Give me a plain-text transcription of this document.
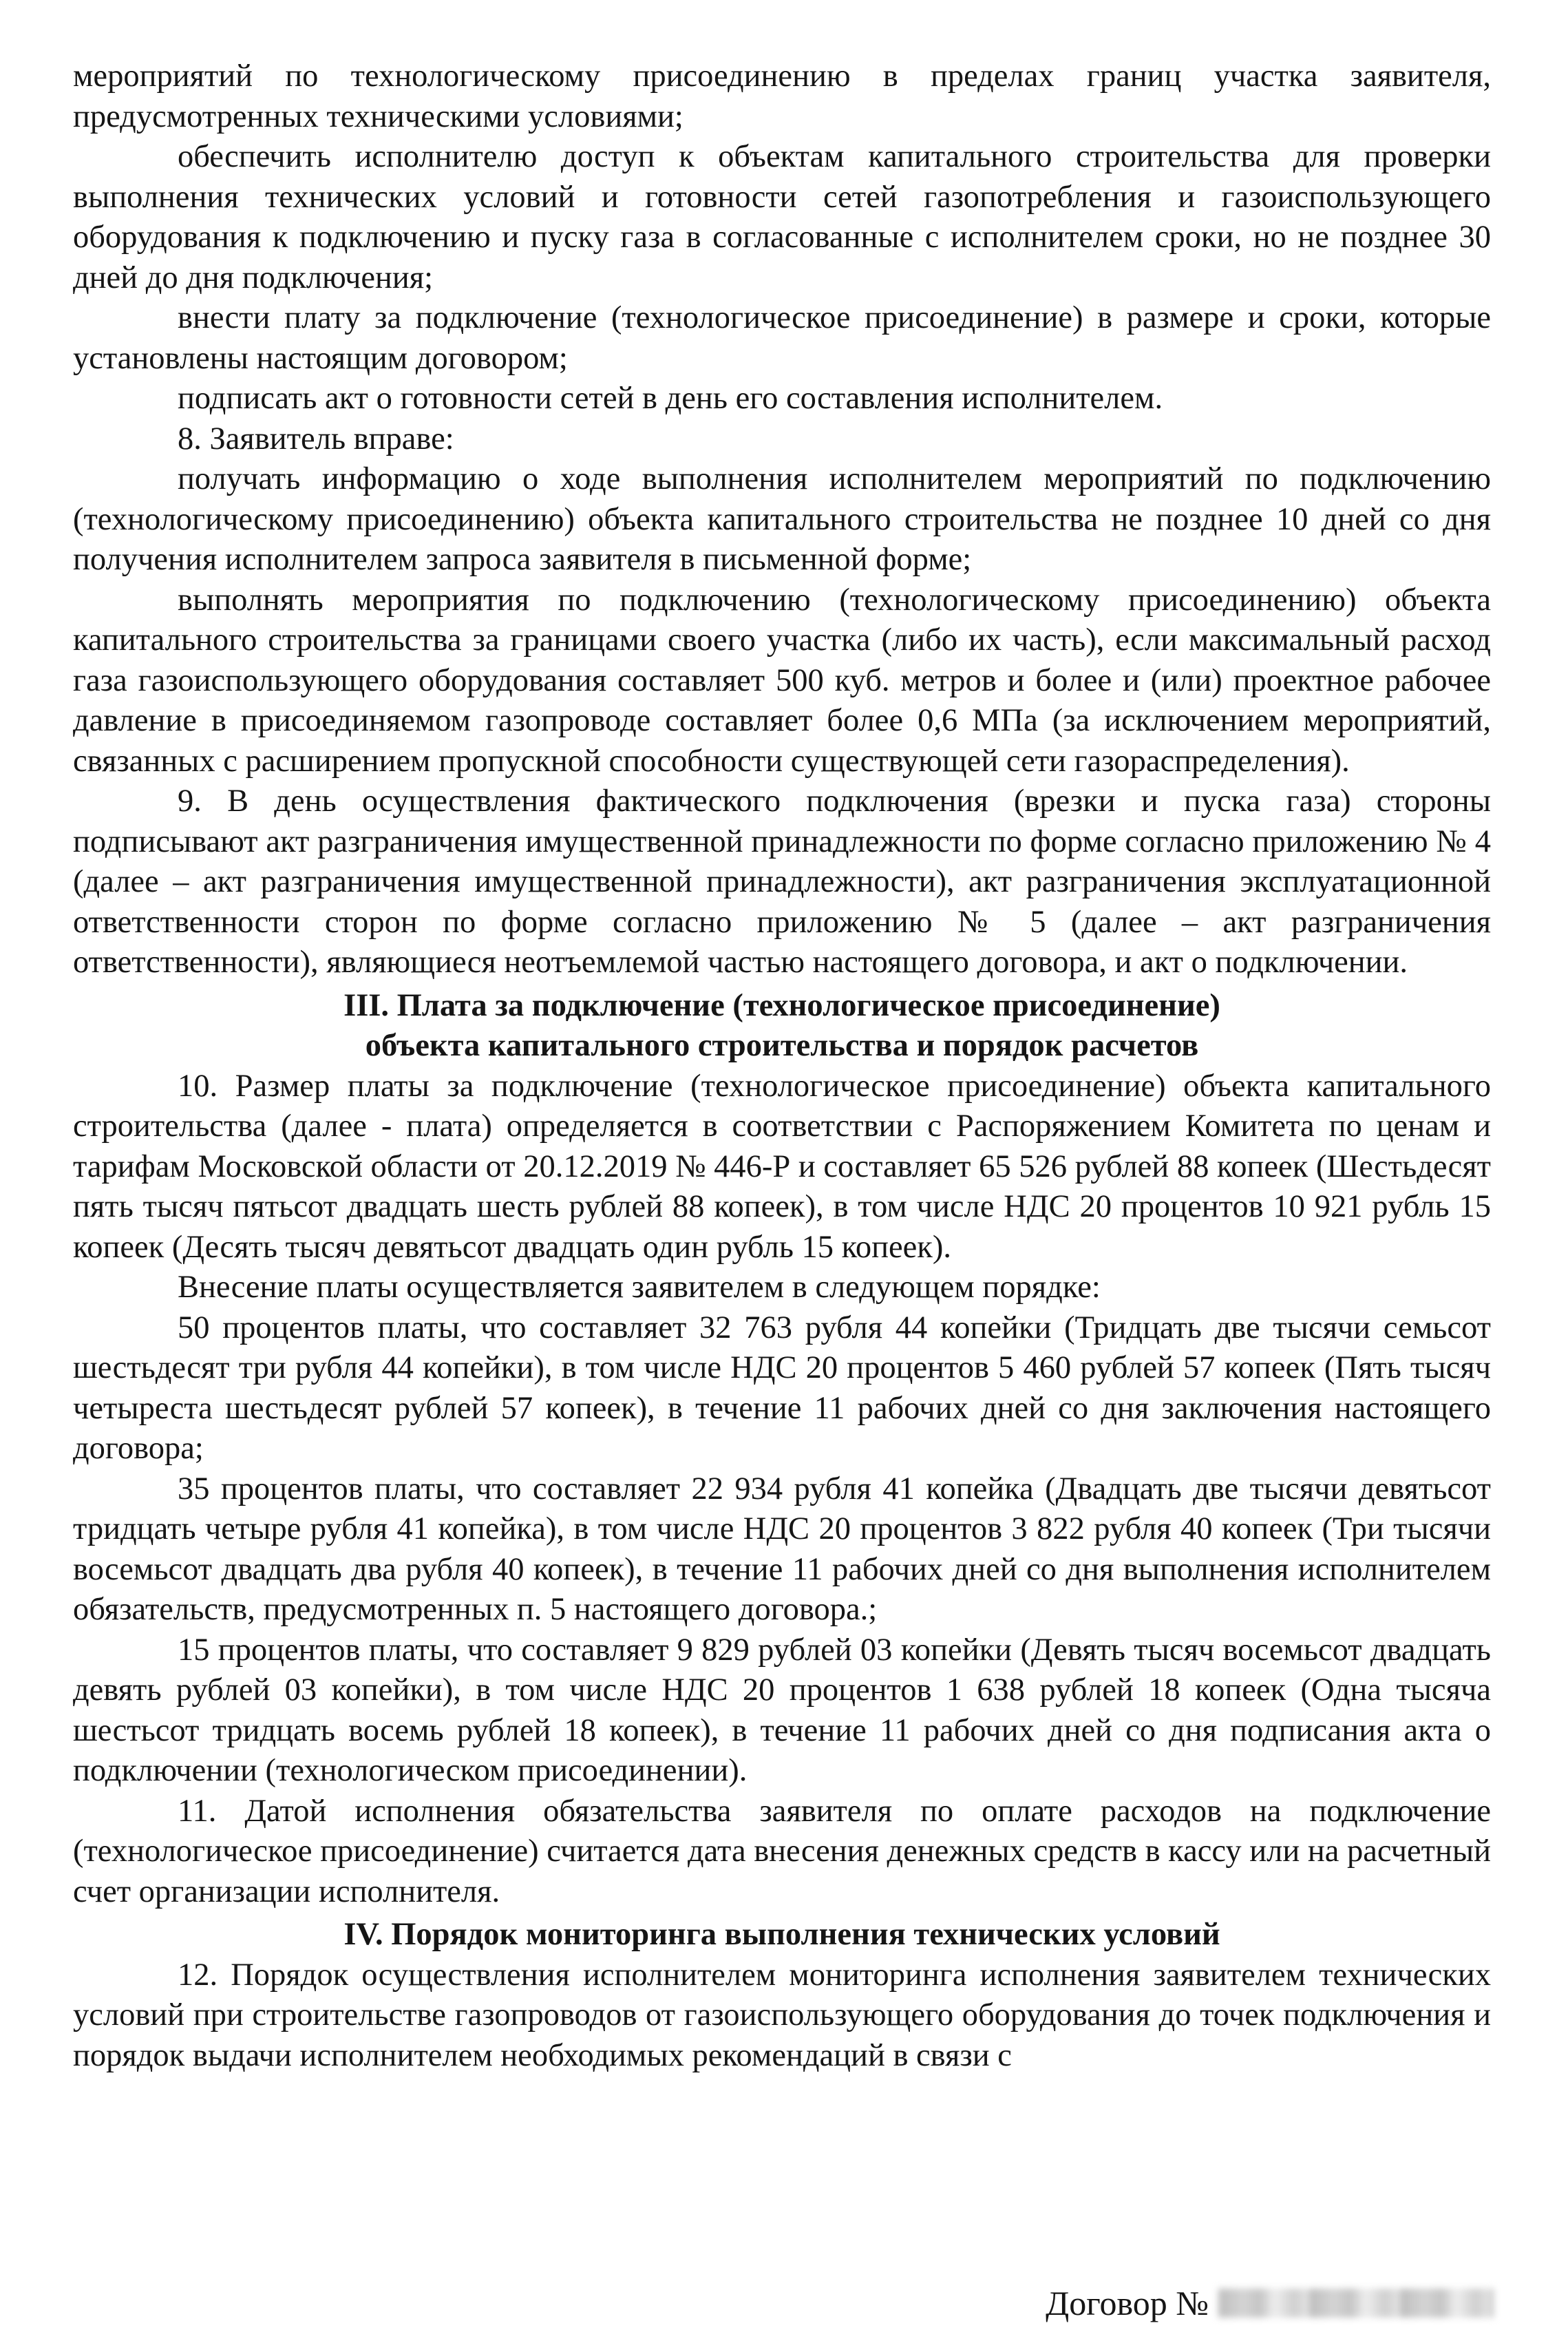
мероприятий по технологическому присоединению в пределах границ участка заявителя, предусмотренных техническими условиями;

обеспечить исполнителю доступ к объектам капитального строительства для проверки выполнения технических условий и готовности сетей газопотребления и газоиспользующего оборудования к подключению и пуску газа в согласованные с исполнителем сроки, но не позднее 30 дней до дня подключения;

внести плату за подключение (технологическое присоединение) в размере и сроки, которые установлены настоящим договором;

подписать акт о готовности сетей в день его составления исполнителем.

8. Заявитель вправе:

получать информацию о ходе выполнения исполнителем мероприятий по подключению (технологическому присоединению) объекта капитального строительства не позднее 10 дней со дня получения исполнителем запроса заявителя в письменной форме;

выполнять мероприятия по подключению (технологическому присоединению) объекта капитального строительства за границами своего участка (либо их часть), если максимальный расход газа газоиспользующего оборудования составляет 500 куб. метров и более и (или) проектное рабочее давление в присоединяемом газопроводе составляет более 0,6 МПа (за исключением мероприятий, связанных с расширением пропускной способности существующей сети газораспределения).

9. В день осуществления фактического подключения (врезки и пуска газа) стороны подписывают акт разграничения имущественной принадлежности по форме согласно приложению № 4 (далее – акт разграничения имущественной принадлежности), акт разграничения эксплуатационной ответственности сторон по форме согласно приложению № 5 (далее – акт разграничения ответственности), являющиеся неотъемлемой частью настоящего договора, и акт о подключении.

III. Плата за подключение (технологическое присоединение)

объекта капитального строительства и порядок расчетов

10. Размер платы за подключение (технологическое присоединение) объекта капитального строительства (далее - плата) определяется в соответствии с Распоряжением Комитета по ценам и тарифам Московской области от 20.12.2019 № 446-Р и составляет 65 526 рублей 88 копеек (Шестьдесят пять тысяч пятьсот двадцать шесть рублей 88 копеек), в том числе НДС 20 процентов 10 921 рубль 15 копеек (Десять тысяч девятьсот двадцать один рубль 15 копеек).

Внесение платы осуществляется заявителем в следующем порядке:

50 процентов платы, что составляет 32 763 рубля 44 копейки (Тридцать две тысячи семьсот шестьдесят три рубля 44 копейки), в том числе НДС 20 процентов 5 460 рублей 57 копеек (Пять тысяч четыреста шестьдесят рублей 57 копеек), в течение 11 рабочих дней со дня заключения настоящего договора;

35 процентов платы, что составляет 22 934 рубля 41 копейка (Двадцать две тысячи девятьсот тридцать четыре рубля 41 копейка), в том числе НДС 20 процентов 3 822 рубля 40 копеек (Три тысячи восемьсот двадцать два рубля 40 копеек), в течение 11 рабочих дней со дня выполнения исполнителем обязательств, предусмотренных п. 5 настоящего договора.;

15 процентов платы, что составляет 9 829 рублей 03 копейки (Девять тысяч восемьсот двадцать девять рублей 03 копейки), в том числе НДС 20 процентов 1 638 рублей 18 копеек (Одна тысяча шестьсот тридцать восемь рублей 18 копеек), в течение 11 рабочих дней со дня подписания акта о подключении (технологическом присоединении).

11. Датой исполнения обязательства заявителя по оплате расходов на подключение (технологическое присоединение) считается дата внесения денежных средств в кассу или на расчетный счет организации исполнителя.

IV. Порядок мониторинга выполнения технических условий

12. Порядок осуществления исполнителем мониторинга исполнения заявителем технических условий при строительстве газопроводов от газоиспользующего оборудования до точек подключения и порядок выдачи исполнителем необходимых рекомендаций в связи с

Договор №
